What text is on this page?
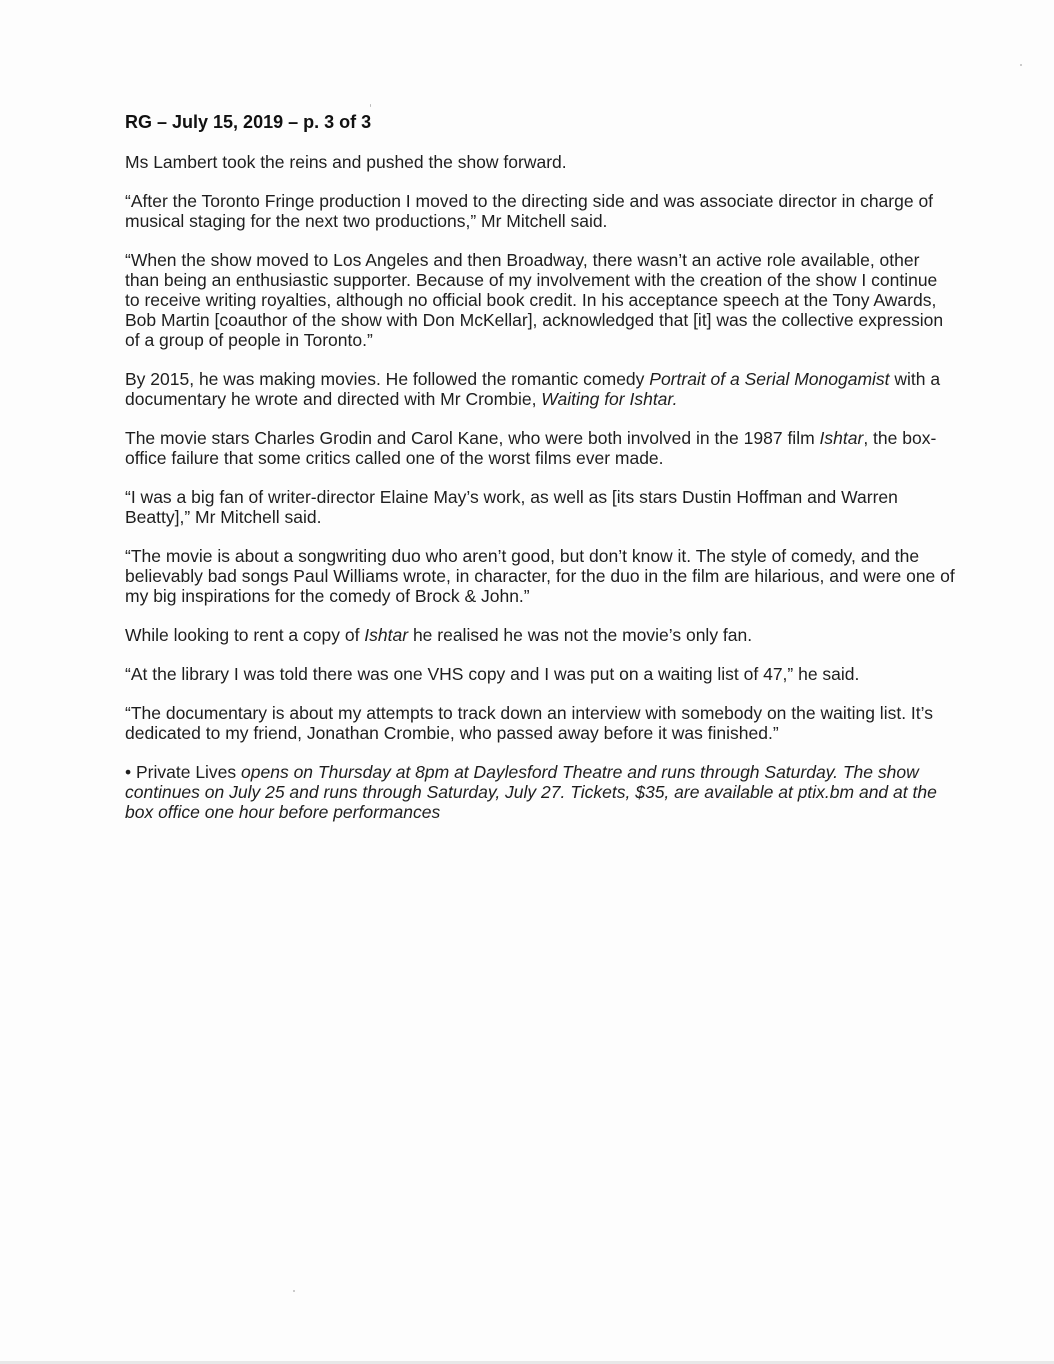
RG – July 15, 2019 – p. 3 of 3

Ms Lambert took the reins and pushed the show forward.

“After the Toronto Fringe production I moved to the directing side and was associate director in charge of musical staging for the next two productions,” Mr Mitchell said.

“When the show moved to Los Angeles and then Broadway, there wasn’t an active role available, other than being an enthusiastic supporter. Because of my involvement with the creation of the show I continue to receive writing royalties, although no official book credit. In his acceptance speech at the Tony Awards, Bob Martin [coauthor of the show with Don McKellar], acknowledged that [it] was the collective expression of a group of people in Toronto.”

By 2015, he was making movies. He followed the romantic comedy Portrait of a Serial Monogamist with a documentary he wrote and directed with Mr Crombie, Waiting for Ishtar.

The movie stars Charles Grodin and Carol Kane, who were both involved in the 1987 film Ishtar, the box-office failure that some critics called one of the worst films ever made.

“I was a big fan of writer-director Elaine May’s work, as well as [its stars Dustin Hoffman and Warren Beatty],” Mr Mitchell said.

“The movie is about a songwriting duo who aren’t good, but don’t know it. The style of comedy, and the believably bad songs Paul Williams wrote, in character, for the duo in the film are hilarious, and were one of my big inspirations for the comedy of Brock & John.”

While looking to rent a copy of Ishtar he realised he was not the movie’s only fan.

“At the library I was told there was one VHS copy and I was put on a waiting list of 47,” he said.

“The documentary is about my attempts to track down an interview with somebody on the waiting list. It’s dedicated to my friend, Jonathan Crombie, who passed away before it was finished.”

• Private Lives opens on Thursday at 8pm at Daylesford Theatre and runs through Saturday. The show continues on July 25 and runs through Saturday, July 27. Tickets, $35, are available at ptix.bm and at the box office one hour before performances
